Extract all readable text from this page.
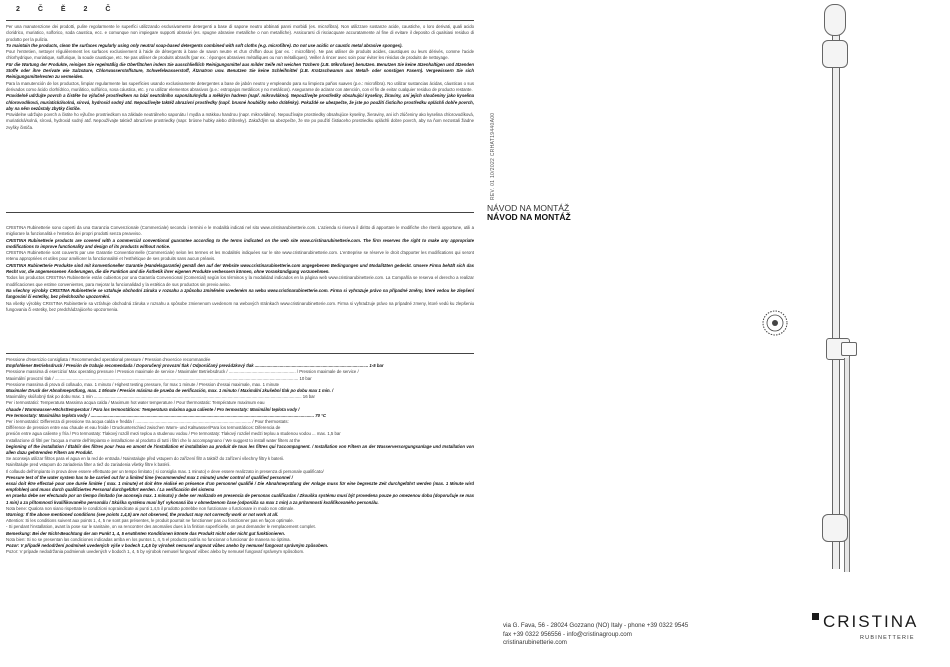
2 Č Ĕ 2 Č

Per una manutenzione dei prodotti, pulire regolarmente le superfici utilizzando esclusivamente detergenti a base di sapone neutro abbinati panni morbidi (es. microfibra). Non utilizzare sostanze acide, caustiche, o loro derivati, quali acido cloridrico, muriatico, solforico, soda caustica, ecc. e comunque non impiegare supporti abrasivi (es. spugne abrasive metalliche o non metalliche). Assicurarsi di risciacquare accuratamente al fine di evitare il deposito di qualsiasi residuo di prodotto per la pulizia.

To maintain the products, clean the surfaces regularly using only neutral soap-based detergents combined with soft cloths (e.g. microfibre). Do not use acidic or caustic metal abrasive sponges).

Pour l'entretien, nettoyer régulièrement les surfaces exclusivement à l'aide de détergents à base de savon neutre et d'un chiffon doux (par ex. : microfibre). Ne pas utiliser de produits acides, caustiques ou leurs dérivés, comme l'acide chlorhydrique, muriatique, sulfurique, la soude caustique, etc. Ne pas utiliser de produits abrasifs (par ex. : éponges abrasives métalliques ou non métalliques). Veiller à rincer avec soin pour éviter les résidus de produits de nettoyage.

Für die Wartung der Produkte, reinigen Sie regelmäßig die Oberflächen indem Sie ausschließlich Reinigungsmittel aus milder Seife mit weichen Tüchern (z.B. Mikrofaser) benutzen. Benutzen Sie keine ätzenhaltigen und ätzenden Stoffe oder ihre Derivate wie Salzsäure, Chlorwasserstoffsäure, Schwefelwasserstoff, Ätznatron usw. Benutzen Sie keine Schleifmittel (z.B. Kratzschwamm aus Metall- oder sonstigen Fasern). Vergewissern Sie sich Reinigungsmittelresten zu vermeiden.

Para la manutención de los productos, limpiar regularmente las superficies usando exclusivamente detergentes a base de jabón neutro y empleando para su limpieza paños suaves (p.e.: microfibra). No utilizar sustancias ácidas, cáusticas o sus derivados como ácido clorhídrico, muriático, sulfúrico, sosa cáustica, etc. y no utilizar elementos abrasivos (p.e.: estropajos metálicos y no metálicos). Asegurarse de aclarar con atención, con el fin de evitar cualquier residuo de producto restante.

Pravidelně udržujte povrch a čistěte ho výlučně prostředkem na bázi neutrálního saponátu/mýdla a měkkým hadrem (např. mikrovlákno). Nepoužívejte prostředky obsahující kyseliny, žíraviny, ani jejich sloučeniny jako kyselina chlorovodíková, muriatická/solná, sírová, hydroxid sodný atd. Nepoužívejte taktéž abrazivní prostředky (např. brusné houbičky nebo drátěnky). Pokaždé se ubezpečte, že jste po použití čisticího prostředku opláchli dobře povrch, aby na něm nezůstaly zbytky čističe.

Pravidelne udržujte povrch a čistite ho výlučne prostriedkom na základe neutrálneho saponátu / mydla a mäkkou handrou (napr. mikrovlákno). Nepoužívajte prostriedky obsahujúce kyseliny, žieraviny, ani ich zlúčeniny ako kyselina chlorovodíková, muriatická/solná, sírová, hydroxid sodný atď. Nepoužívajte taktiež abrazívne prostriedky (napr. brúsne hubky alebo drôtenky). Zakaždým sa ubezpečte, že ste po použití čistiaceho prostriedku opláchli dobre povrch, aby na ňom nezostali žiadne zvyšky čističa.

CRISTINA Rubinetterie sono coperti da una Garanzia Convenzionale (Commerciale) secondo i termini e le modalità indicati nel sito www.cristinarubinetterie.com. L'azienda si riserva il diritto di apportare le modifiche che riterrà opportune, utili a migliorare la funzionalità e l'estetica dei propri prodotti senza preavviso.

CRISTINA Rubinetterie products are covered with a commercial conventional guarantee according to the terms indicated on the web site www.cristinarubinetterie.com. The firm reserves the right to make any appropriate modifications to improve functionality and design of its products without notice.

CRISTINA Rubinetterie sont couverts par une Garantie Conventionnelle (Commerciale) selon les termes et les modalités indiquées sur le site www.cristinarubinetterie.com. L'entreprise se réserve le droit d'apporter les modifications qui seront retenu appropriées et utiles pour améliorer la fonctionnalité et l'esthétique de ses produits sans aucun préavis.

CRISTINA Rubinetterie Produkte sind mit konventioneller Garantie (Handelsgarantie) gemäß den auf der Website www.cristinarubinetterie.com angegebenen Bedingungen und Modalitäten gedeckt. Unsere Firma behält sich das Recht vor, die angemessenen Änderungen, die die Funktion und die Ästhetik ihrer eigenen Produkte verbessern können, ohne Vorankündigung vorzunehmen.

Todos los productos CRISTINA Rubinetterie están cubiertos por una Garantía Convencional (Comercial) según los términos y la modalidad indicados en la página web www.cristinarubinetterie.com. La Compañía se reserva el derecho a realizar modificaciones que estime convenientes, para mejorar la funcionalidad y la estética de sus productos sin previo aviso.

Na všechny výrobky CRISTINA Rubinetterie se vztahuje obchodní záruka v rozsahu a způsobu zmíněném uvedeném na webu www.cristinarubinetterie.com. Firma si vyhrazuje právo na případné změny, které vedou ke zlepšení fungování či estetiky, bez předchozího upozornění.

Na všetky výrobky CRISTINA Rubinetterie sa vzťahuje obchodná záruka v rozsahu a spôsobe zmienenom uvedenom na webových stránkach www.cristinarubinetterie.com. Firma si vyhradzuje právo na prípadné zmeny, ktoré vedú ku zlepšeniu fungovania či estetiky, bez predchádzajúceho upozornenia.

Pressione d'esercizio consigliata / Recommended operational pressure / Pression d'exercice recommandée

Empfohlener Betriebsdruck / Presión de trabajo recomendada / Doporučený provozní tlak / Odporúčaný prevádzkový tlak ............................................................................................... 1-5 bar

Pressione massima di esercizio/ Max operating pressure / Pression maximale de service / Maximaler Betriebsdruck / ........................................................ / Pression maximale de service /

Maximální provozní tlak / ............................................................................................................................................................................................................ 10 bar

Pressione massima di prova di collaudo, max. 1 minuto / Highest testing pressure, for max 1 minute / Pression d'essai maximale, max. 1 minute

Maximaler Druck der Abnahmeprüfung, max. 1 Minute / Presión máxima de prueba de verificación, max. 1 minuto / Maximální zkušební tlak po dobu max 1 min. /

Maximálny skúšobný tlak po dobu max. 1 min .............................................................................................................................................................................. 16 bar

Per i termostatici: Temperatura Massima acqua calda / Maximum hot water temperature / Pour thermostatic: Température maximum eau

chaude / Warmwasser-Höchsttemperatur / Para los termostáticos: Temperatura máxima agua caliente / Pro termostaty: Maximální teplota vody /

Pre termostaty: Maximálna teplota vody / ........................................................................................................................................................................................... 70 °C

Per i termostatici: Differenza di pressione tra acqua calda e fredda / ................................................................................................. / Pour thermostats:

Différence de pression entre eau chaude et eau froide / Druckunterschied zwischen Warm- und Kaltwasser/Para los termostáticos: Diferencia de

presión entre agua caliente y fría / Pro termostaty: Tlakový rozdíl mezi teplou a studenou vodou / Pre termostaty: Tlakový rozdiel medzi teplou a studenou vodou ... max. 1,5 bar

Installazione di filtri per l'acqua a monte dell'impianto e installazione al prodotto di tutti i filtri che lo accompagnano / We suggest to install water filters at the

beginning of the installation / Établir des filtres pour l'eau en amont de l'installation et installation au produit de tous les filtres qui l'accompagnent. / Installation von Filtern an der Wasserversorgungsanlage und Installation von allen dazu gehörenden Filtern am Produkt.

Se aconseja utilizar filtros para el agua en la red de entrada / Nainstalujte před vstupem do zařízení filtr a taktéž do zařízení všechny filtry k baterii.

Nainštalujte pred vstupom do zariadenia filter a tiež do zariadenia všetky filtre k batérii.

Il collaudo dell'impianto in prova deve essere effettuato per un tempo limitato ( si consiglia max. 1 minuto) e deve essere realizzato in presenza di personale qualificato/

Pressure test of the water system has to be carried out for a limited time (recommended max 1 minute) under control of qualified personnel /

essai doit être effectué pour une durée limitée ( max. 1 minute) et doit être réalisé en présence d'un personnel qualifié / Die Abnahmeprüfung der Anlage muss für eine begrenzte Zeit durchgeführt werden (max. 1 Minute wird empfohlen) und muss durch qualifiziertes Personal durchgeführt werden. / La verificación del sistema

en prueba debe ser efectuado por un tiempo limitado (se aconseja max. 1 minuto) y debe ser realizado en presencia de personas cualificadas / Zkouška systému musí být provedena pouze po omezenou dobu (doporučuje se max 1 min) a za přítomnosti kvalifikovaného personálu / Skúška systému musí byť vykonaná iba v obmedzenom čase (odporúča sa max 1 min) a za prítomnosti kvalifikovaného personálu.

Nota bene: Qualora non siano rispettate le condizioni sopraindicate ai punti 1,4,5 il prodotto potrebbe non funzionare o funzionare in modo non ottimale.

Warning: If the above mentioned conditions (see points 1,4,5) are not observed, the product may not correctly work or not work at all.

Attention: Si les conditions suivent aux points 1, 4, 5 ne sont pas présentes, le produit pourrait ne fonctionner pas ou fonctionner pas en façon optimale.

- Si pendant l'installation, avant la pose sur le sanitaire, on va rencontrer des anomalies dues à la finition superficielle, on peut demander le remplacement complet.

Bemerkung: Bei der Nicht-Beachtung der am Punkt 1, 4, 5 erwähnten Konditionen könnte das Produkt nicht oder nicht gut funktionieren.

Nota bien: Si no se presentan las condiciones indicadas arriba en los puntos 1, 4, 5 el producto podría no funcionar o funcionar de manera no óptima.

Pozor: V případě nedodržení podmínek uvedených výše v bodech 1,4,5 by výrobek nemusel ungovat vůbec anebo by nemusel fungovat správným způsobem.

Pozor: V prípade nedodržania podmienok uvedených v bodoch 1, 4, 5 by výrobok nemusel fungovať vôbec alebo by nemusel fungovať správnym spôsobom.

REV. 01 10/2022 CRHAT19440A00
NÁVOD NA MONTÁŽ
NÁVOD NA MONTÁŽ
CRISTINA
RUBINETTERIE
via G. Fava, 56 - 28024 Gozzano (NO) Italy - phone +39 0322 9545
fax +39 0322 956556 - info@cristinagroup.com
cristinarubinetterie.com
